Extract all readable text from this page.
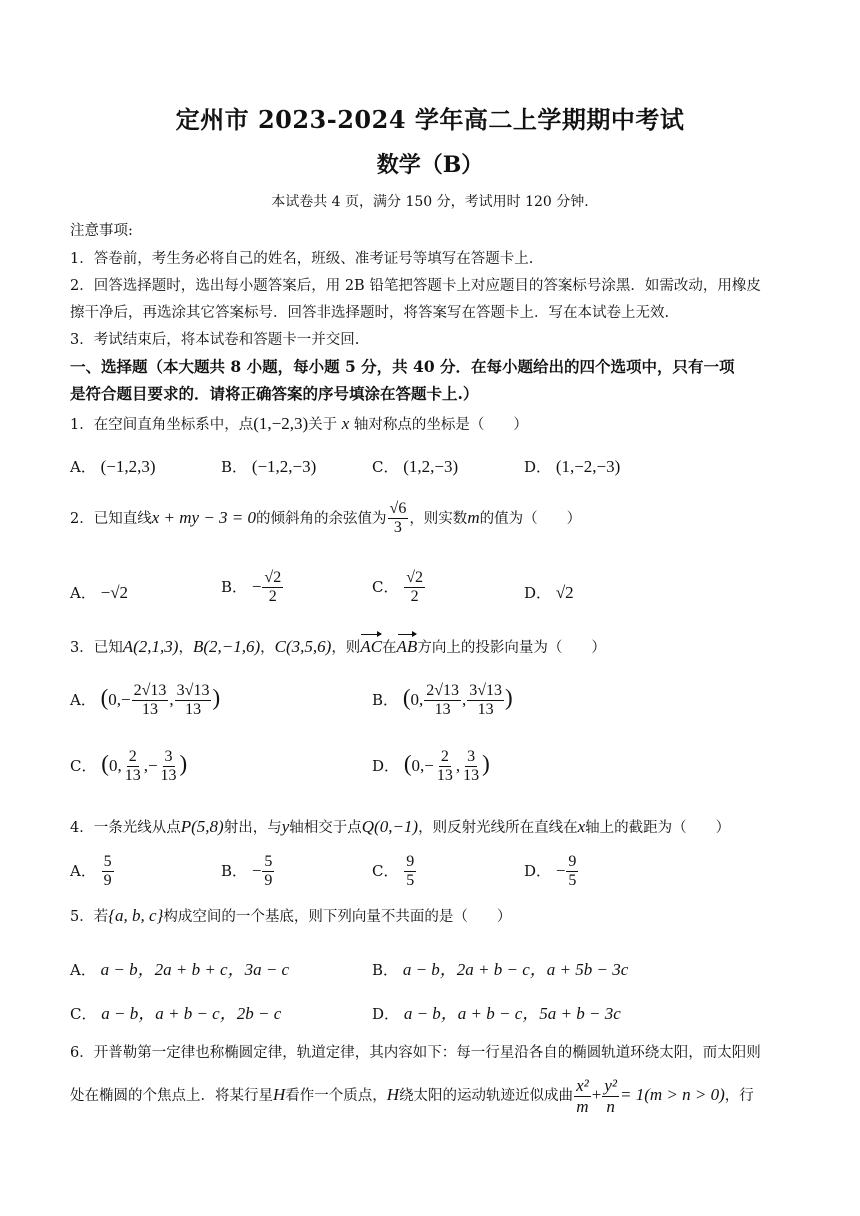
定州市 2023-2024 学年高二上学期期中考试
数学（B）
本试卷共 4 页，满分 150 分，考试用时 120 分钟.
注意事项:
1．答卷前，考生务必将自己的姓名，班级、准考证号等填写在答题卡上.
2．回答选择题时，选出每小题答案后，用 2B 铅笔把答题卡上对应题目的答案标号涂黑．如需改动，用橡皮
擦干净后，再选涂其它答案标号．回答非选择题时，将答案写在答题卡上．写在本试卷上无效.
3．考试结束后，将本试卷和答题卡一并交回.
一、选择题（本大题共 8 小题，每小题 5 分，共 40 分．在每小题给出的四个选项中，只有一项
是符合题目要求的．请将正确答案的序号填涂在答题卡上.）
1．在空间直角坐标系中，点(1,−2,3)关于 x 轴对称点的坐标是（　　）
A． (−1,2,3)	B． (−1,2,−3)	C． (1,2,−3)	D． (1,−2,−3)
2．已知直线x + my − 3 = 0的倾斜角的余弦值为 $\frac{√6}{3}$ ，则实数m的值为（　　）
A． −√2	B． − $\frac{√2}{2}$	C． $\frac{√2}{2}$	D． √2
3．已知A(2,1,3)，B(2,−1,6)，C(3,5,6)，则AC在AB方向上的投影向量为（　　）
A． ($0,- \frac{2√13}{13}$ , $\frac{3√13}{13}$ )	B． (0, $\frac{2√13}{13}$ , $\frac{3√13}{13}$ )
C． (0, $\frac{2}{13}$ ,− $\frac{3}{13}$ )	D． ($0,- \frac{2}{13}$ , $\frac{3}{13}$ )
4．一条光线从点P(5,8)射出，与y轴相交于点Q(0,−1)，则反射光线所在直线在x轴上的截距为（　　）
A． $\frac{5}{9}$	B． − $\frac{5}{9}$	C． $\frac{9}{5}$	D． − $\frac{9}{5}$
5．若{a, b, c}构成空间的一个基底，则下列向量不共面的是（　　）
A． a − b，2a + b + c，3a − c	B． a − b，2a + b − c，a + 5b − 3c
C． a − b，a + b − c，2b − c	D． a − b，a + b − c，5a + b − 3c
6．开普勒第一定律也称椭圆定律，轨道定律，其内容如下：每一行星沿各自的椭圆轨道环绕太阳，而太阳则
处在椭圆的个焦点上．将某行星H看作一个质点，H绕太阳的运动轨迹近似成曲 $\frac{\text{x²}}{m} + \frac{\text{y²}}{n} = 1(m > n > 0)$，行
